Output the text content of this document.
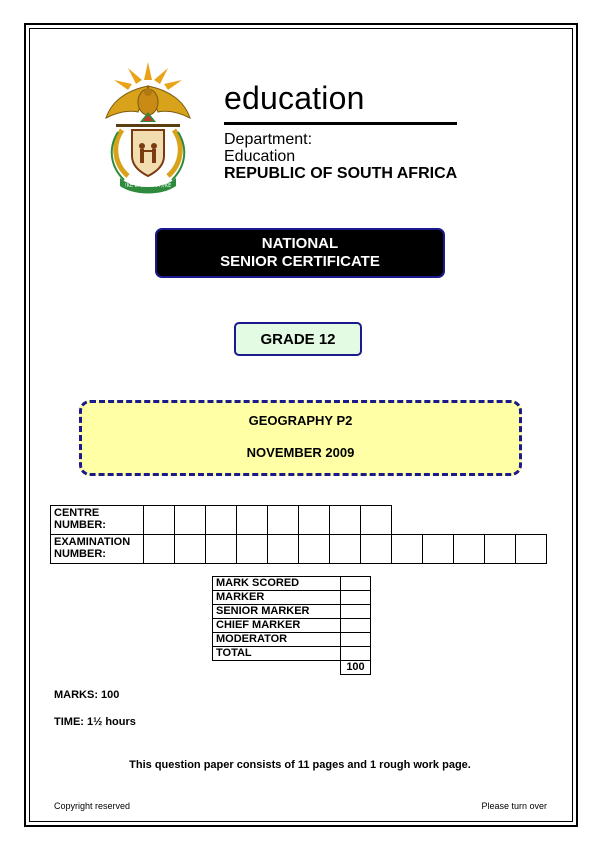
!KE E: /XARRA //KE
education
Department:
Education
REPUBLIC OF SOUTH AFRICA
NATIONAL
SENIOR CERTIFICATE
GRADE 12
GEOGRAPHY P2
NOVEMBER 2009
CENTRE
NUMBER:													
EXAMINATION
NUMBER:													
MARK SCORED	
MARKER	
SENIOR MARKER	
CHIEF MARKER	
MODERATOR	
TOTAL	
	100
MARKS: 100
TIME: 1½ hours
This question paper consists of 11 pages and 1 rough work page.
Copyright reserved	Please turn over
